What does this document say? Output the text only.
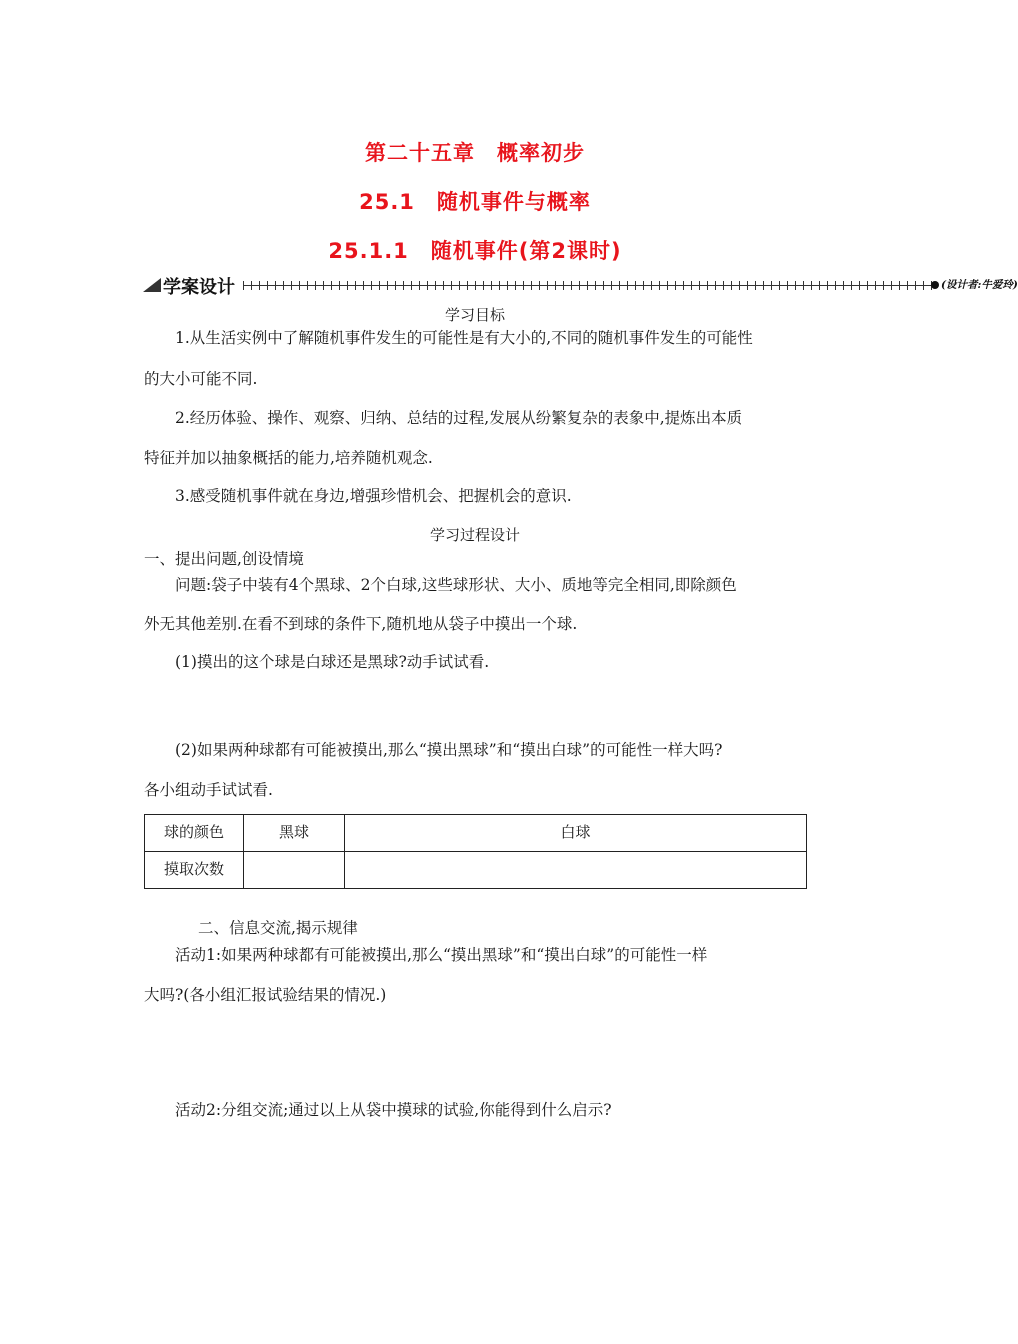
第二十五章　概率初步
25.1　随机事件与概率
25.1.1　随机事件(第2课时)
学案设计	(设计者:牛爱玲)
学习目标
1.从生活实例中了解随机事件发生的可能性是有大小的,不同的随机事件发生的可能性
的大小可能不同.
2.经历体验、操作、观察、归纳、总结的过程,发展从纷繁复杂的表象中,提炼出本质
特征并加以抽象概括的能力,培养随机观念.
3.感受随机事件就在身边,增强珍惜机会、把握机会的意识.
学习过程设计
一、提出问题,创设情境
问题:袋子中装有4个黑球、2个白球,这些球形状、大小、质地等完全相同,即除颜色
外无其他差别.在看不到球的条件下,随机地从袋子中摸出一个球.
(1)摸出的这个球是白球还是黑球?动手试试看.
(2)如果两种球都有可能被摸出,那么“摸出黑球”和“摸出白球”的可能性一样大吗?
各小组动手试试看.
球的颜色	黑球	白球
摸取次数		
二、信息交流,揭示规律
活动1:如果两种球都有可能被摸出,那么“摸出黑球”和“摸出白球”的可能性一样
大吗?(各小组汇报试验结果的情况.)
活动2:分组交流;通过以上从袋中摸球的试验,你能得到什么启示?
